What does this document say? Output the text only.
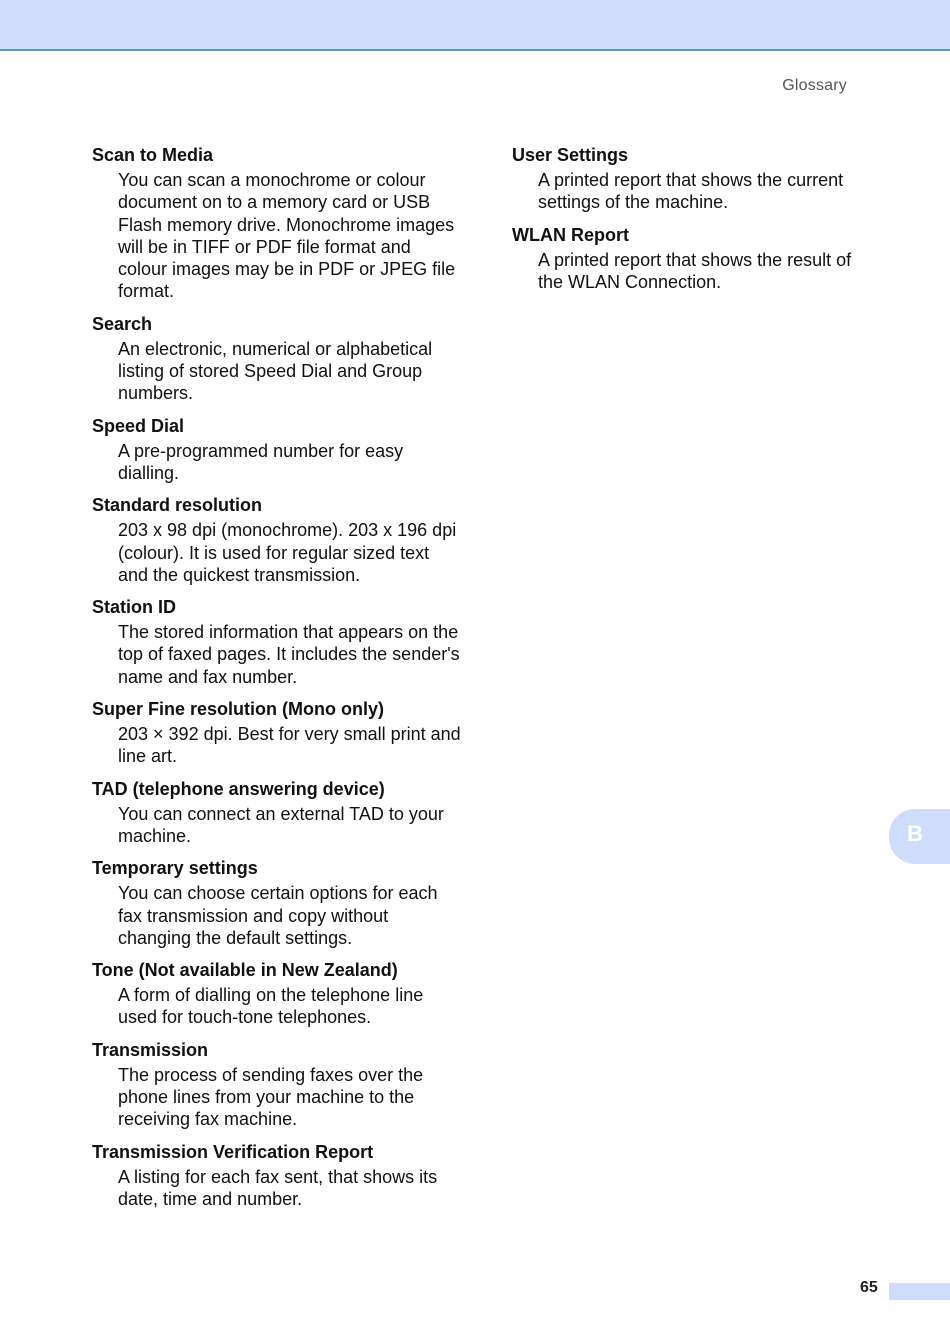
Glossary
Scan to Media
You can scan a monochrome or colour document on to a memory card or USB Flash memory drive. Monochrome images will be in TIFF or PDF file format and colour images may be in PDF or JPEG file format.
Search
An electronic, numerical or alphabetical listing of stored Speed Dial and Group numbers.
Speed Dial
A pre-programmed number for easy dialling.
Standard resolution
203 x 98 dpi (monochrome). 203 x 196 dpi (colour). It is used for regular sized text and the quickest transmission.
Station ID
The stored information that appears on the top of faxed pages. It includes the sender's name and fax number.
Super Fine resolution (Mono only)
203 × 392 dpi. Best for very small print and line art.
TAD (telephone answering device)
You can connect an external TAD to your machine.
Temporary settings
You can choose certain options for each fax transmission and copy without changing the default settings.
Tone (Not available in New Zealand)
A form of dialling on the telephone line used for touch-tone telephones.
Transmission
The process of sending faxes over the phone lines from your machine to the receiving fax machine.
Transmission Verification Report
A listing for each fax sent, that shows its date, time and number.
User Settings
A printed report that shows the current settings of the machine.
WLAN Report
A printed report that shows the result of the WLAN Connection.
B
65
